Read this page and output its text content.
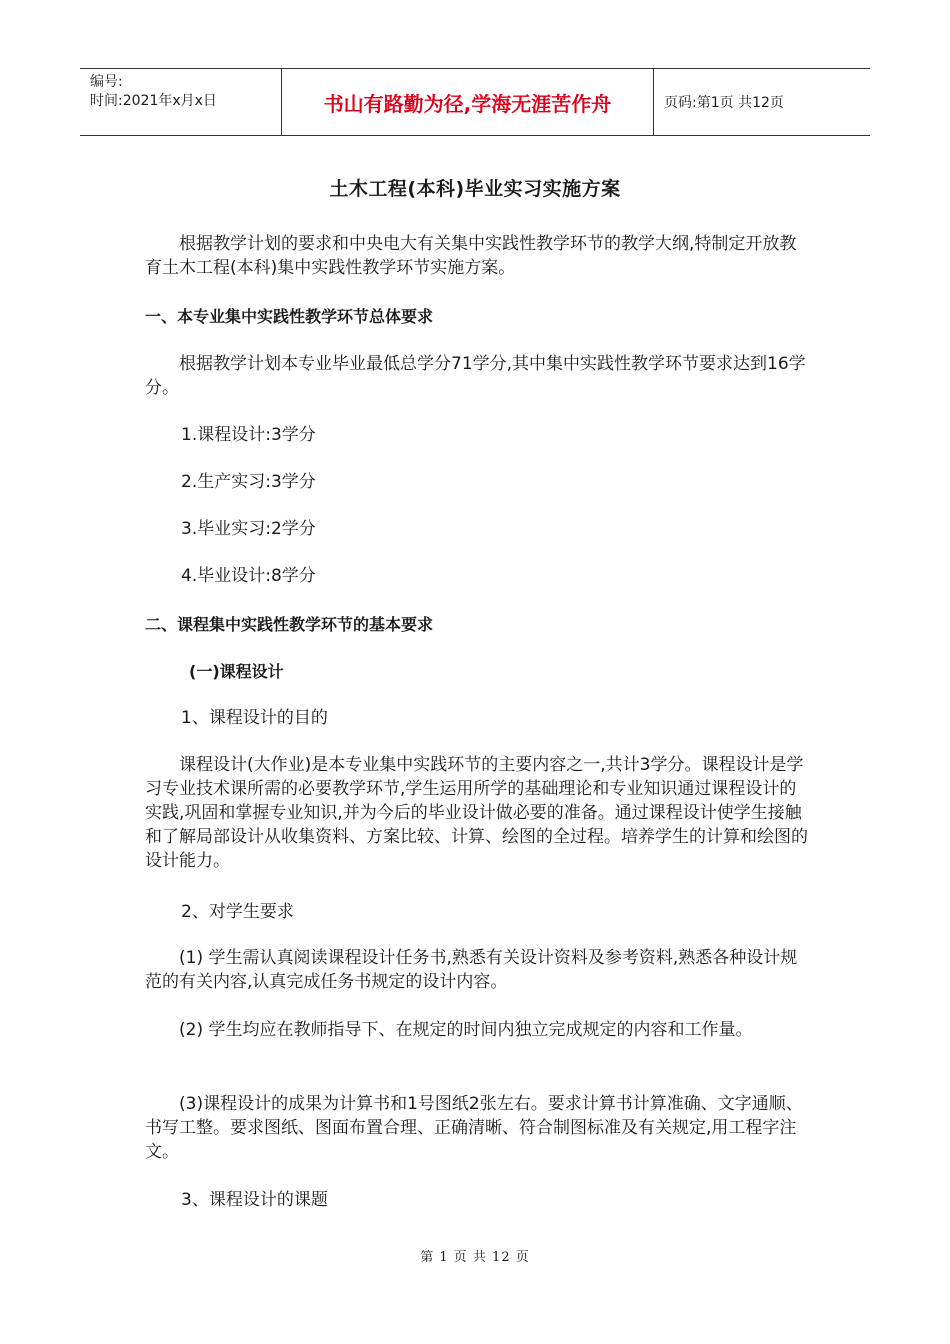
编号:
时间:2021年x月x日	书山有路勤为径,学海无涯苦作舟	页码:第1页 共12页
土木工程(本科)毕业实习实施方案

根据教学计划的要求和中央电大有关集中实践性教学环节的教学大纲,特制定开放教育土木工程(本科)集中实践性教学环节实施方案。

一、本专业集中实践性教学环节总体要求

根据教学计划本专业毕业最低总学分71学分,其中集中实践性教学环节要求达到16学分。

1.课程设计:3学分
2.生产实习:3学分
3.毕业实习:2学分
4.毕业设计:8学分
二、课程集中实践性教学环节的基本要求
(一)课程设计
1、课程设计的目的

课程设计(大作业)是本专业集中实践环节的主要内容之一,共计3学分。课程设计是学习专业技术课所需的必要教学环节,学生运用所学的基础理论和专业知识通过课程设计的实践,巩固和掌握专业知识,并为今后的毕业设计做必要的准备。通过课程设计使学生接触和了解局部设计从收集资料、方案比较、计算、绘图的全过程。培养学生的计算和绘图的设计能力。

2、对学生要求

(1) 学生需认真阅读课程设计任务书,熟悉有关设计资料及参考资料,熟悉各种设计规范的有关内容,认真完成任务书规定的设计内容。

(2) 学生均应在教师指导下、在规定的时间内独立完成规定的内容和工作量。

(3)课程设计的成果为计算书和1号图纸2张左右。要求计算书计算准确、文字通顺、书写工整。要求图纸、图面布置合理、正确清晰、符合制图标准及有关规定,用工程字注文。

3、课程设计的课题
第 1 页 共 12 页
